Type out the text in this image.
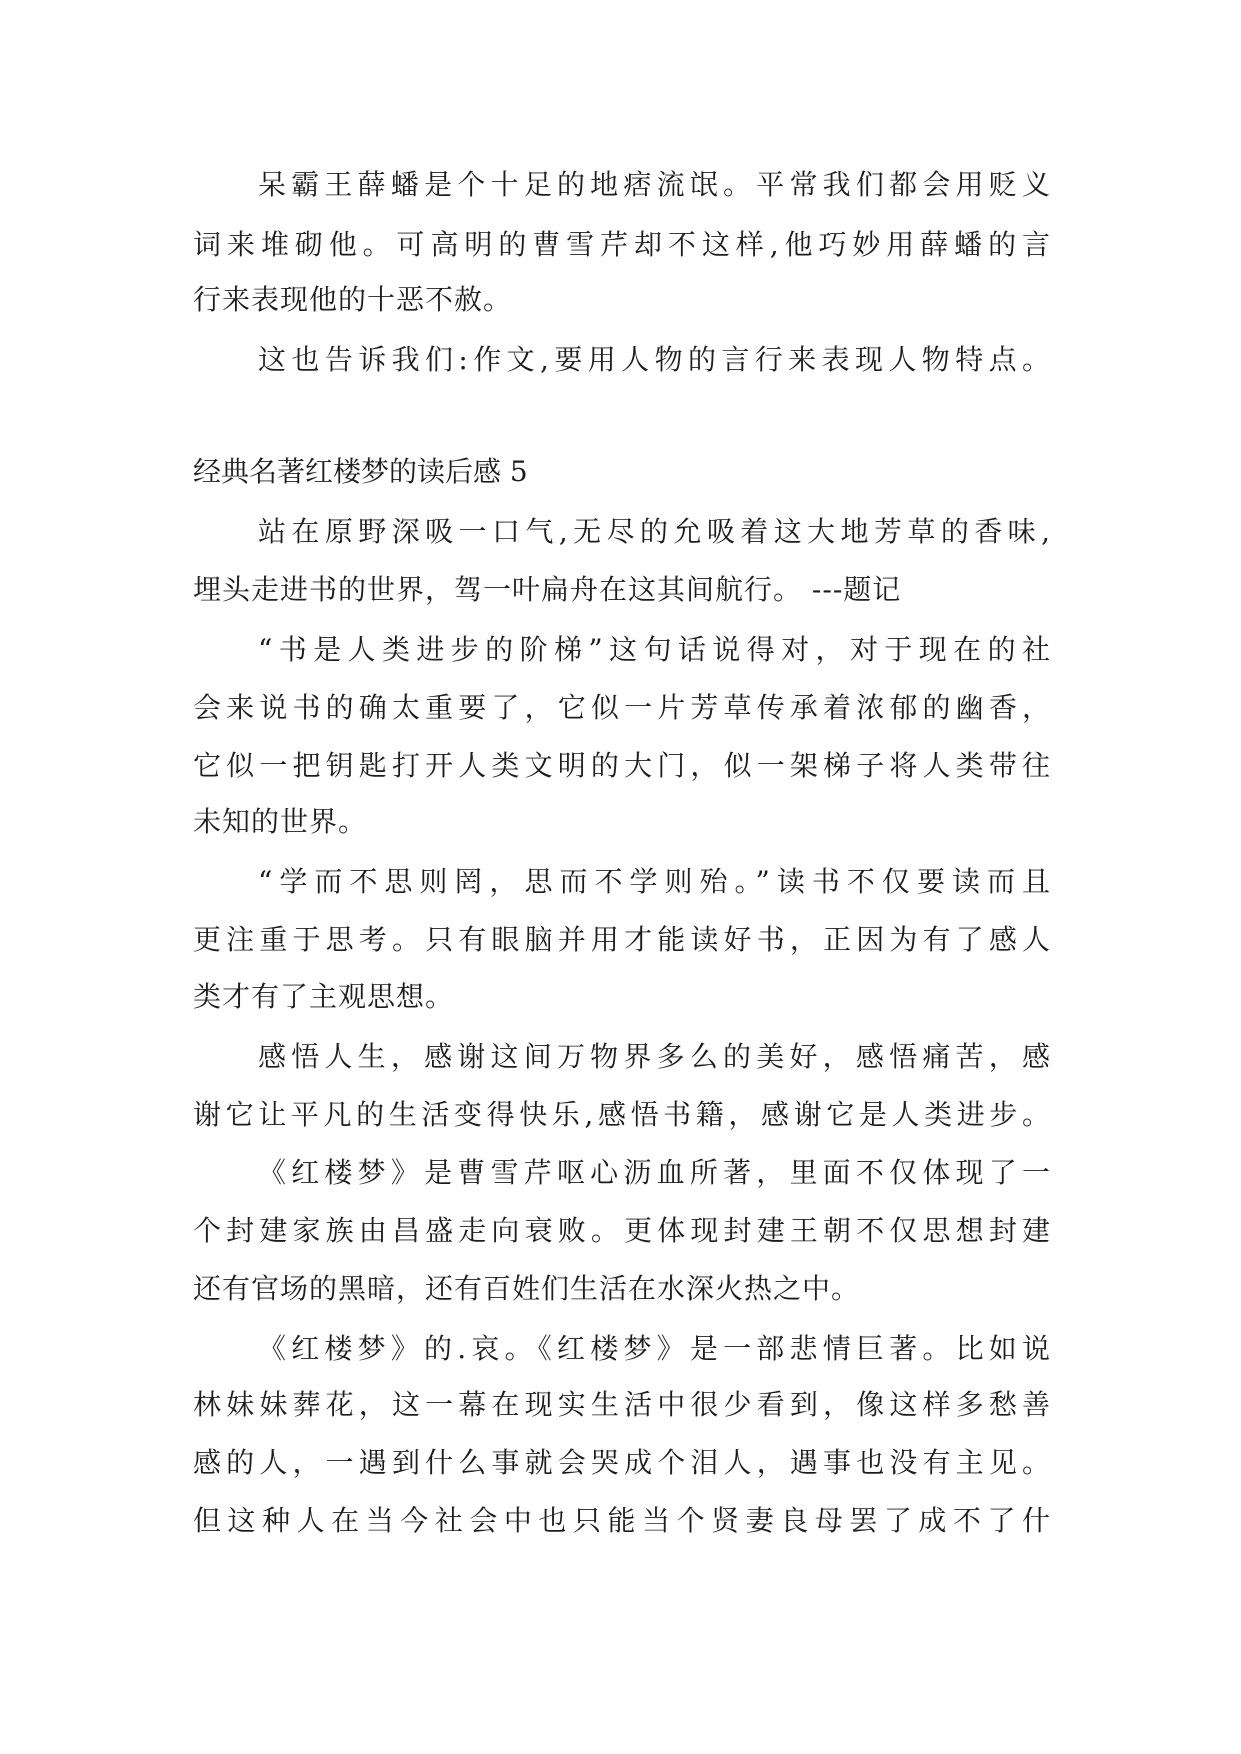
呆霸王薛蟠是个十足的地痞流氓。平常我们都会用贬义
词来堆砌他。可高明的曹雪芹却不这样,他巧妙用薛蟠的言
行来表现他的十恶不赦。
这也告诉我们:作文,要用人物的言行来表现人物特点。
经典名著红楼梦的读后感 5
站在原野深吸一口气,无尽的允吸着这大地芳草的香味,
埋头走进书的世界，驾一叶扁舟在这其间航行。 ---题记
“书是人类进步的阶梯”这句话说得对，对于现在的社
会来说书的确太重要了，它似一片芳草传承着浓郁的幽香，
它似一把钥匙打开人类文明的大门，似一架梯子将人类带往
未知的世界。
“学而不思则罔，思而不学则殆。”读书不仅要读而且
更注重于思考。只有眼脑并用才能读好书，正因为有了感人
类才有了主观思想。
感悟人生，感谢这间万物界多么的美好，感悟痛苦，感
谢它让平凡的生活变得快乐,感悟书籍，感谢它是人类进步。
《红楼梦》是曹雪芹呕心沥血所著，里面不仅体现了一
个封建家族由昌盛走向衰败。更体现封建王朝不仅思想封建
还有官场的黑暗，还有百姓们生活在水深火热之中。
《红楼梦》的.哀。《红楼梦》是一部悲情巨著。比如说
林妹妹葬花，这一幕在现实生活中很少看到，像这样多愁善
感的人，一遇到什么事就会哭成个泪人，遇事也没有主见。
但这种人在当今社会中也只能当个贤妻良母罢了成不了什
